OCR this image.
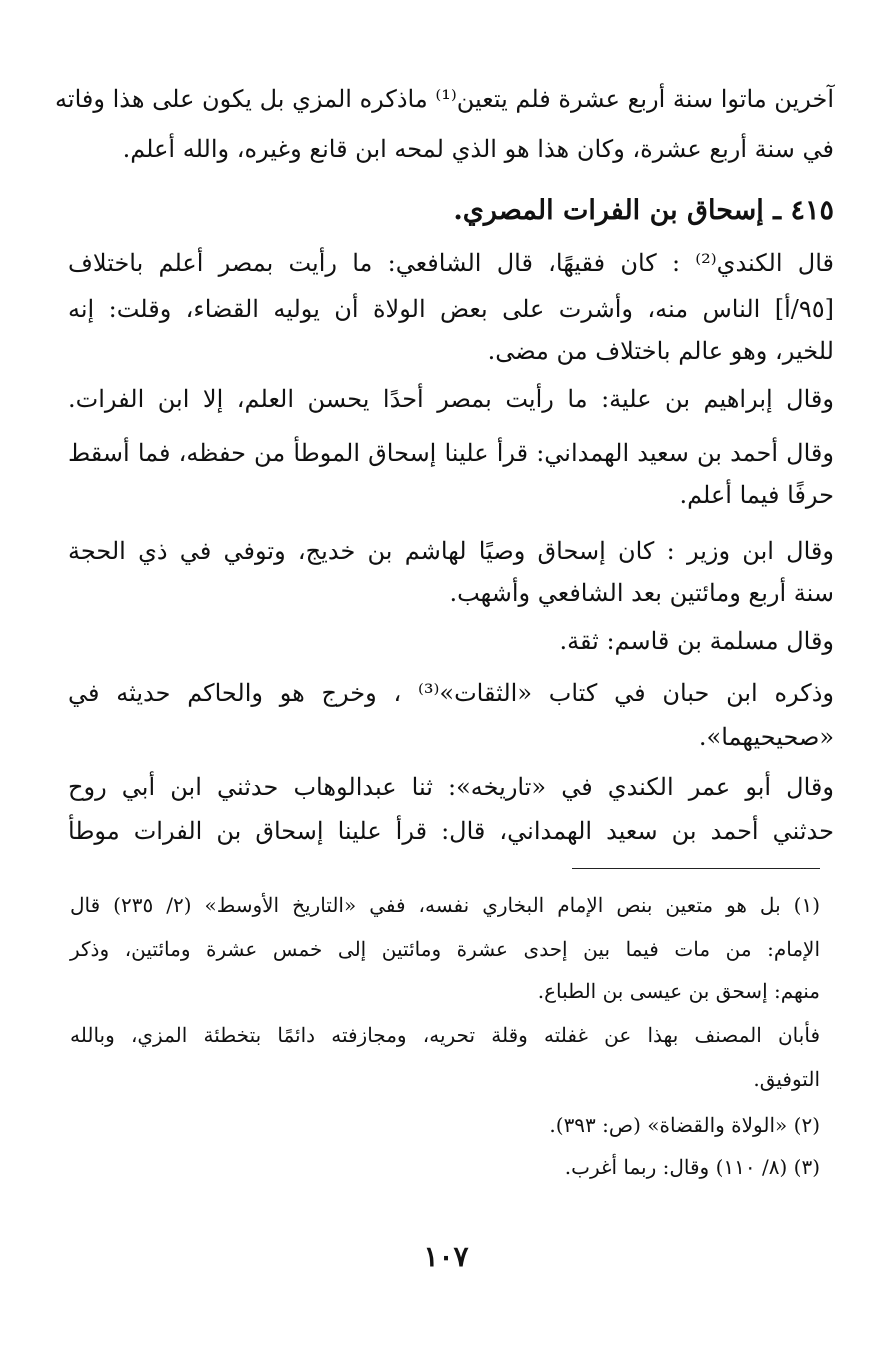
آخرين ماتوا سنة أربع عشرة فلم يتعين⁽¹⁾ ماذكره المزي بل يكون على هذا وفاته
في سنة أربع عشرة، وكان هذا هو الذي لمحه ابن قانع وغيره، والله أعلم.
٤١٥ ـ إسحاق بن الفرات المصري.
قال الكندي⁽²⁾ : كان فقيهًا، قال الشافعي: ما رأيت بمصر أعلم باختلاف
[٩٥/أ] الناس منه، وأشرت على بعض الولاة أن يوليه القضاء، وقلت: إنه
للخير، وهو عالم باختلاف من مضى.
وقال إبراهيم بن علية: ما رأيت بمصر أحدًا يحسن العلم، إلا ابن الفرات.
وقال أحمد بن سعيد الهمداني: قرأ علينا إسحاق الموطأ من حفظه، فما أسقط
حرفًا فيما أعلم.
وقال ابن وزير : كان إسحاق وصيًا لهاشم بن خديج، وتوفي في ذي الحجة
سنة أربع ومائتين بعد الشافعي وأشهب.
وقال مسلمة بن قاسم: ثقة.
وذكره ابن حبان في كتاب «الثقات»⁽³⁾ ، وخرج هو والحاكم حديثه في
«صحيحيهما».
وقال أبو عمر الكندي في «تاريخه»: ثنا عبدالوهاب حدثني ابن أبي روح
حدثني أحمد بن سعيد الهمداني، قال: قرأ علينا إسحاق بن الفرات موطأ
(١) بل هو متعين بنص الإمام البخاري نفسه، ففي «التاريخ الأوسط» (٢/ ٢٣٥) قال
الإمام: من مات فيما بين إحدى عشرة ومائتين إلى خمس عشرة ومائتين، وذكر
منهم: إسحق بن عيسى بن الطباع.
فأبان المصنف بهذا عن غفلته وقلة تحريه، ومجازفته دائمًا بتخطئة المزي، وبالله
التوفيق.
(٢) «الولاة والقضاة» (ص: ٣٩٣).
(٣) (٨/ ١١٠) وقال: ربما أغرب.
١٠٧
